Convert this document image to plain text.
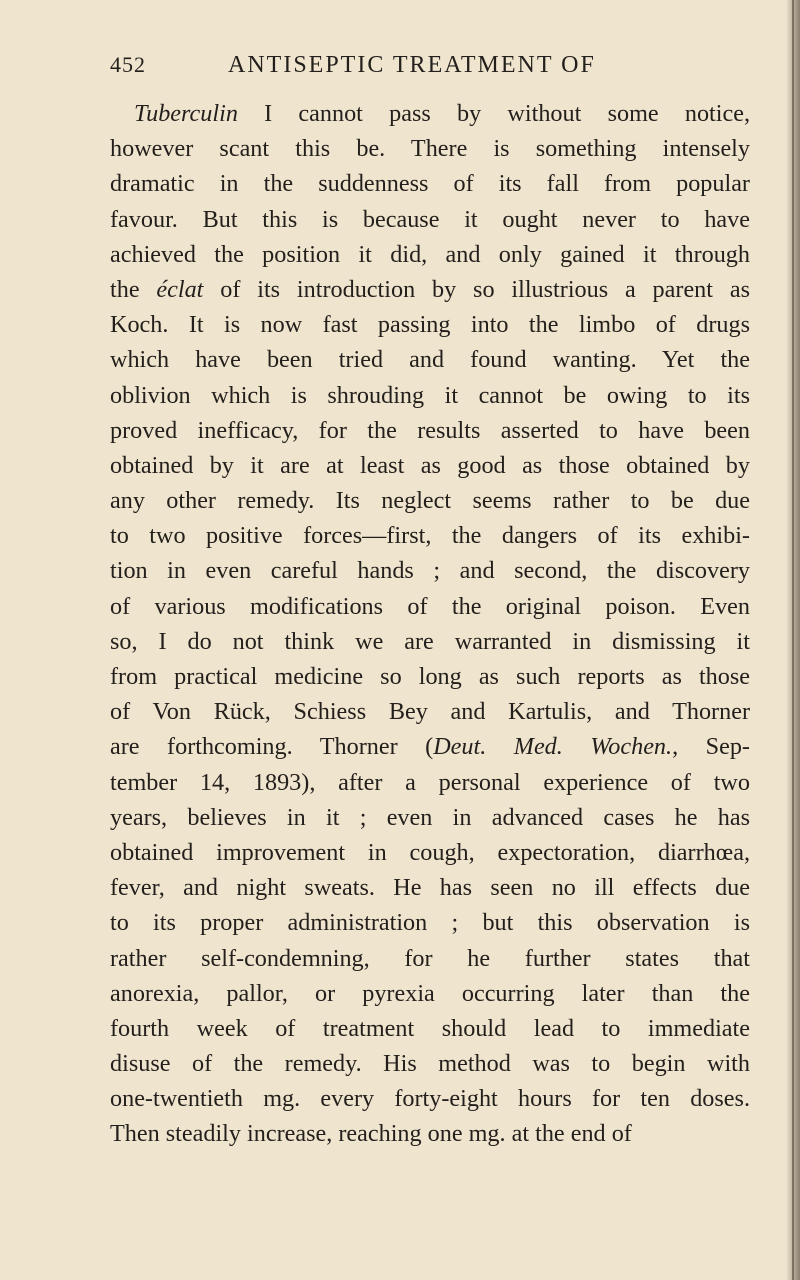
452	ANTISEPTIC TREATMENT OF
Tuberculin I cannot pass by without some notice,
however scant this be. There is something intensely
dramatic in the suddenness of its fall from popular
favour. But this is because it ought never to have
achieved the position it did, and only gained it through
the éclat of its introduction by so illustrious a parent as
Koch. It is now fast passing into the limbo of drugs
which have been tried and found wanting. Yet the
oblivion which is shrouding it cannot be owing to its
proved inefficacy, for the results asserted to have been
obtained by it are at least as good as those obtained by
any other remedy. Its neglect seems rather to be due
to two positive forces—first, the dangers of its exhibi-
tion in even careful hands ; and second, the discovery
of various modifications of the original poison. Even
so, I do not think we are warranted in dismissing it
from practical medicine so long as such reports as those
of Von Rück, Schiess Bey and Kartulis, and Thorner
are forthcoming. Thorner (Deut. Med. Wochen., Sep-
tember 14, 1893), after a personal experience of two
years, believes in it ; even in advanced cases he has
obtained improvement in cough, expectoration, diarrhœa,
fever, and night sweats. He has seen no ill effects due
to its proper administration ; but this observation is
rather self-condemning, for he further states that
anorexia, pallor, or pyrexia occurring later than the
fourth week of treatment should lead to immediate
disuse of the remedy. His method was to begin with
one-twentieth mg. every forty-eight hours for ten doses.
Then steadily increase, reaching one mg. at the end of
